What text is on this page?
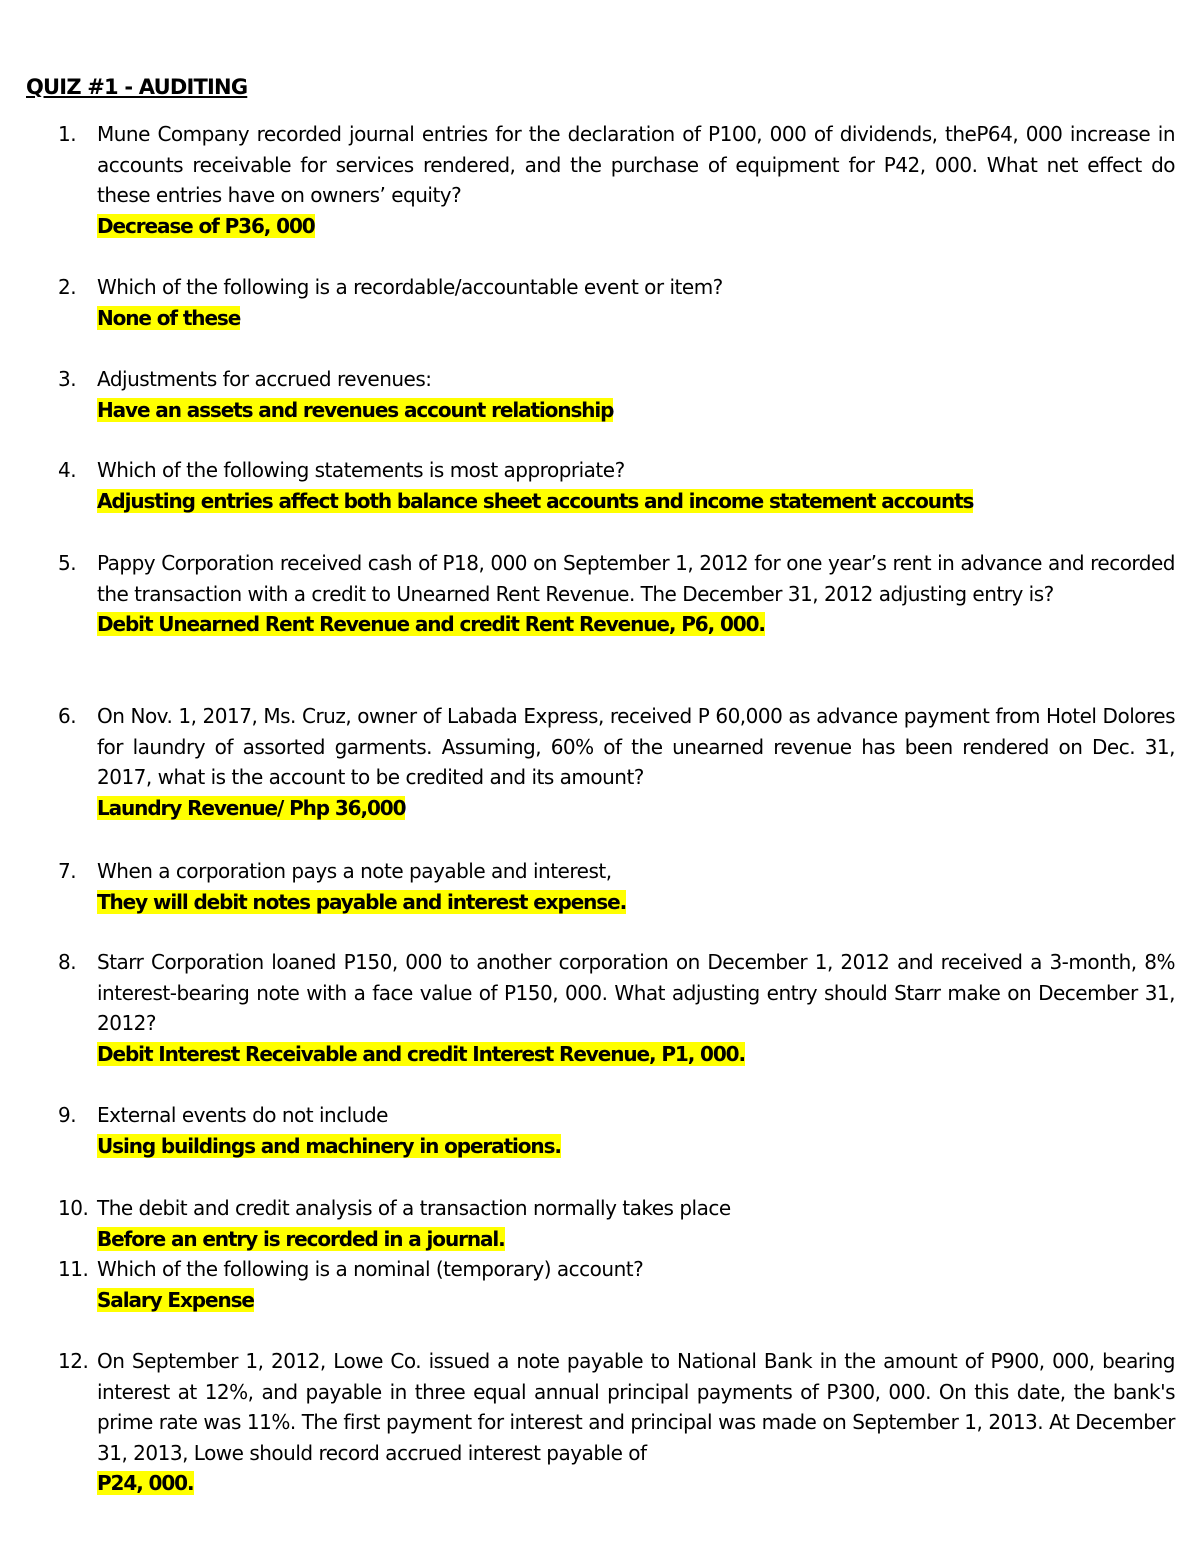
QUIZ #1 - AUDITING
1.	Mune Company recorded journal entries for the declaration of P100, 000 of dividends, theP64, 000 increase in accounts receivable for services rendered, and the purchase of equipment for P42, 000. What net effect do these entries have on owners’ equity?
Decrease of P36, 000
2.	Which of the following is a recordable/accountable event or item?
None of these
3.	Adjustments for accrued revenues:
Have an assets and revenues account relationship
4.	Which of the following statements is most appropriate?
Adjusting entries affect both balance sheet accounts and income statement accounts
5.	Pappy Corporation received cash of P18, 000 on September 1, 2012 for one year’s rent in advance and recorded the transaction with a credit to Unearned Rent Revenue. The December 31, 2012 adjusting entry is?
Debit Unearned Rent Revenue and credit Rent Revenue, P6, 000.
6.	On Nov. 1, 2017, Ms. Cruz, owner of Labada Express, received P 60,000 as advance payment from Hotel Dolores for laundry of assorted garments. Assuming, 60% of the unearned revenue has been rendered on Dec. 31, 2017, what is the account to be credited and its amount?
Laundry Revenue/ Php 36,000
7.	When a corporation pays a note payable and interest,
They will debit notes payable and interest expense.
8.	Starr Corporation loaned P150, 000 to another corporation on December 1, 2012 and received a 3-month, 8% interest-bearing note with a face value of P150, 000. What adjusting entry should Starr make on December 31, 2012?
Debit Interest Receivable and credit Interest Revenue, P1, 000.
9.	External events do not include
Using buildings and machinery in operations.
10. The debit and credit analysis of a transaction normally takes place
Before an entry is recorded in a journal.
11. Which of the following is a nominal (temporary) account?
Salary Expense
12. On September 1, 2012, Lowe Co. issued a note payable to National Bank in the amount of P900, 000, bearing interest at 12%, and payable in three equal annual principal payments of P300, 000. On this date, the bank's prime rate was 11%. The first payment for interest and principal was made on September 1, 2013. At December 31, 2013, Lowe should record accrued interest payable of
P24, 000.
